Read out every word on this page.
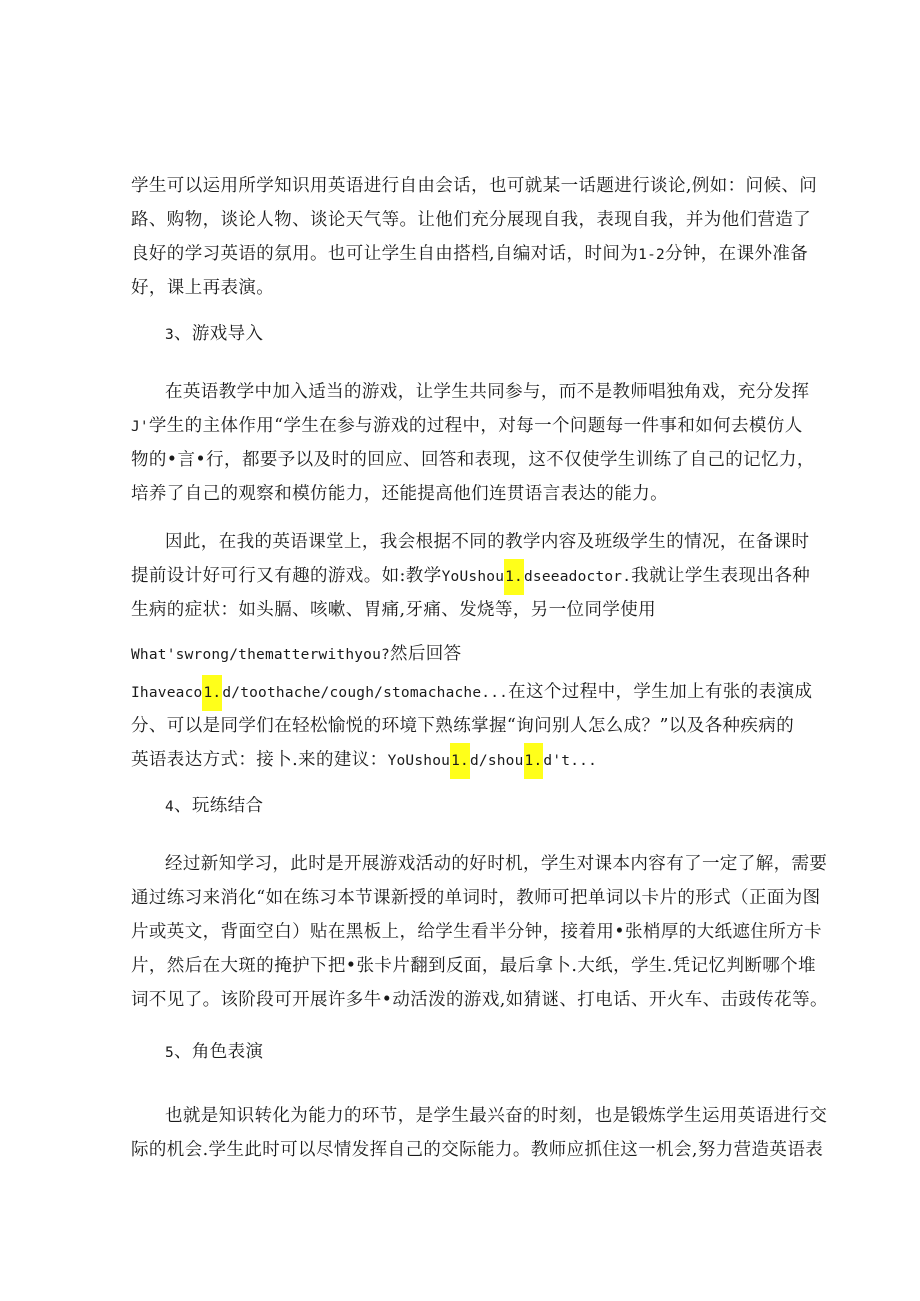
学生可以运用所学知识用英语进行自由会话，也可就某一话题进行谈论,例如：问候、问
路、购物，谈论人物、谈论天气等。让他们充分展现自我，表现自我，并为他们营造了
良好的学习英语的氛用。也可让学生自由搭档,自编对话，时间为1-2分钟，在课外准备
好，课上再表演。
3、游戏导入
在英语教学中加入适当的游戏，让学生共同参与，而不是教师唱独角戏，充分发挥
J'学生的主体作用“学生在参与游戏的过程中，对每一个问题每一件事和如何去模仿人
物的•言•行，都要予以及时的回应、回答和表现，这不仅使学生训练了自己的记忆力，
培养了自己的观察和模仿能力，还能提高他们连贯语言表达的能力。
因此，在我的英语课堂上，我会根据不同的教学内容及班级学生的情况，在备课时
提前设计好可行又有趣的游戏。如:教学YoUshou1.dseeadoctor.我就让学生表现出各种
生病的症状：如头膈、咳嗽、胃痛,牙痛、发烧等，另一位同学使用
What'swrong/thematterwithyou?然后回答
Ihaveaco1.d/toothache/cough/stomachache...在这个过程中，学生加上有张的表演成
分、可以是同学们在轻松愉悦的环境下熟练掌握“询问别人怎么成？”以及各种疾病的
英语表达方式：接卜.来的建议：YoUshou1.d/shou1.d't...
4、玩练结合
经过新知学习，此时是开展游戏活动的好时机，学生对课本内容有了一定了解，需要
通过练习来消化“如在练习本节课新授的单词时，教师可把单词以卡片的形式（正面为图
片或英文，背面空白）贴在黑板上，给学生看半分钟，接着用•张梢厚的大纸遮住所方卡
片，然后在大斑的掩护下把•张卡片翻到反面，最后拿卜.大纸，学生.凭记忆判断哪个堆
词不见了。该阶段可开展许多牛•动活泼的游戏,如猜谜、打电话、开火车、击豉传花等。
5、角色表演
也就是知识转化为能力的环节，是学生最兴奋的时刻，也是锻炼学生运用英语进行交
际的机会.学生此时可以尽情发挥自己的交际能力。教师应抓住这一机会,努力营造英语表
